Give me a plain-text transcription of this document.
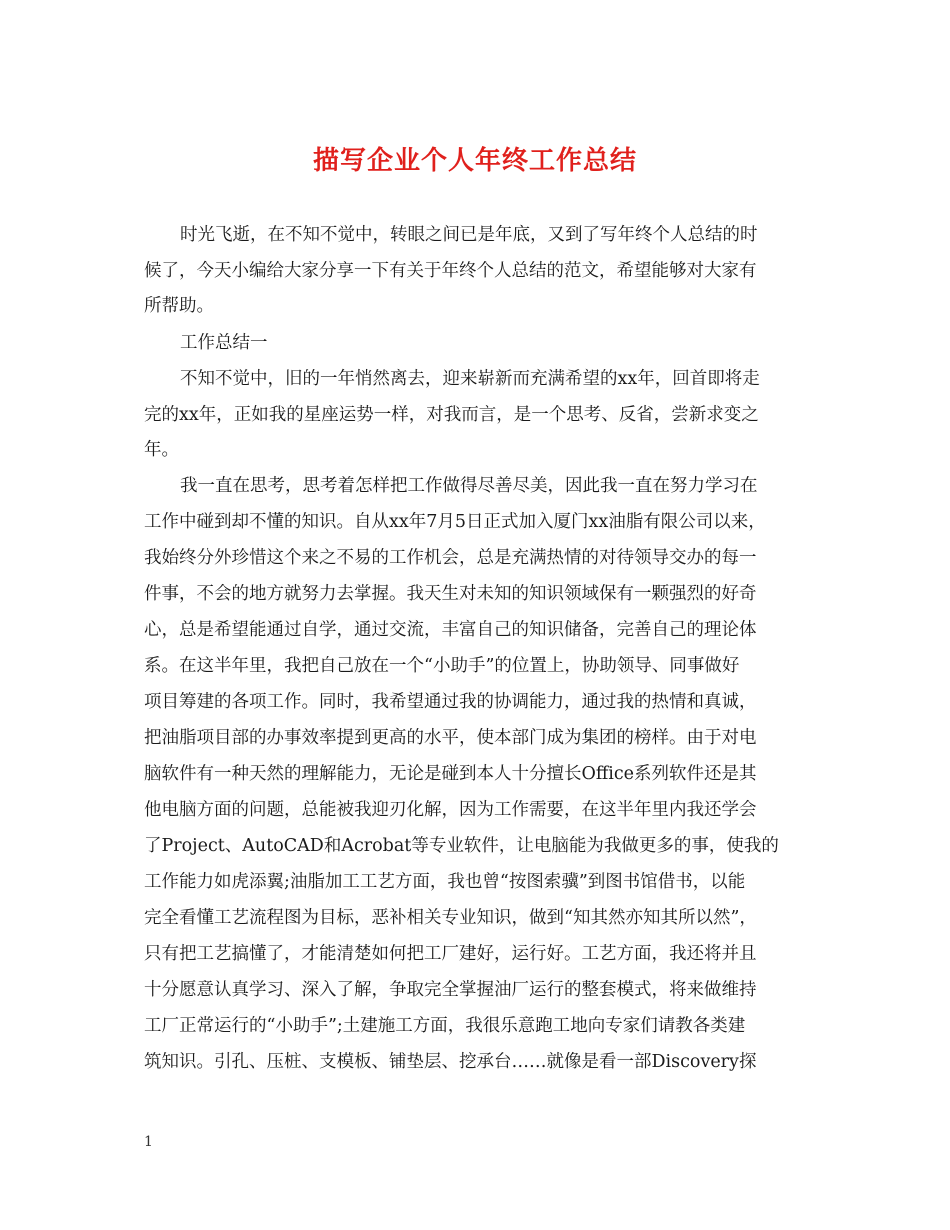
描写企业个人年终工作总结
时光飞逝，在不知不觉中，转眼之间已是年底，又到了写年终个人总结的时
候了，今天小编给大家分享一下有关于年终个人总结的范文，希望能够对大家有
所帮助。
工作总结一
不知不觉中，旧的一年悄然离去，迎来崭新而充满希望的xx年，回首即将走
完的xx年，正如我的星座运势一样，对我而言，是一个思考、反省，尝新求变之
年。
我一直在思考，思考着怎样把工作做得尽善尽美，因此我一直在努力学习在
工作中碰到却不懂的知识。自从xx年7月5日正式加入厦门xx油脂有限公司以来，
我始终分外珍惜这个来之不易的工作机会，总是充满热情的对待领导交办的每一
件事，不会的地方就努力去掌握。我天生对未知的知识领域保有一颗强烈的好奇
心，总是希望能通过自学，通过交流，丰富自己的知识储备，完善自己的理论体
系。在这半年里，我把自己放在一个“小助手”的位置上，协助领导、同事做好
项目筹建的各项工作。同时，我希望通过我的协调能力，通过我的热情和真诚，
把油脂项目部的办事效率提到更高的水平，使本部门成为集团的榜样。由于对电
脑软件有一种天然的理解能力，无论是碰到本人十分擅长Office系列软件还是其
他电脑方面的问题，总能被我迎刃化解，因为工作需要，在这半年里内我还学会
了Project、AutoCAD和Acrobat等专业软件，让电脑能为我做更多的事，使我的
工作能力如虎添翼;油脂加工工艺方面，我也曾“按图索骥”到图书馆借书，以能
完全看懂工艺流程图为目标，恶补相关专业知识，做到“知其然亦知其所以然”，
只有把工艺搞懂了，才能清楚如何把工厂建好，运行好。工艺方面，我还将并且
十分愿意认真学习、深入了解，争取完全掌握油厂运行的整套模式，将来做维持
工厂正常运行的“小助手”;土建施工方面，我很乐意跑工地向专家们请教各类建
筑知识。引孔、压桩、支模板、铺垫层、挖承台……就像是看一部Discovery探
1
